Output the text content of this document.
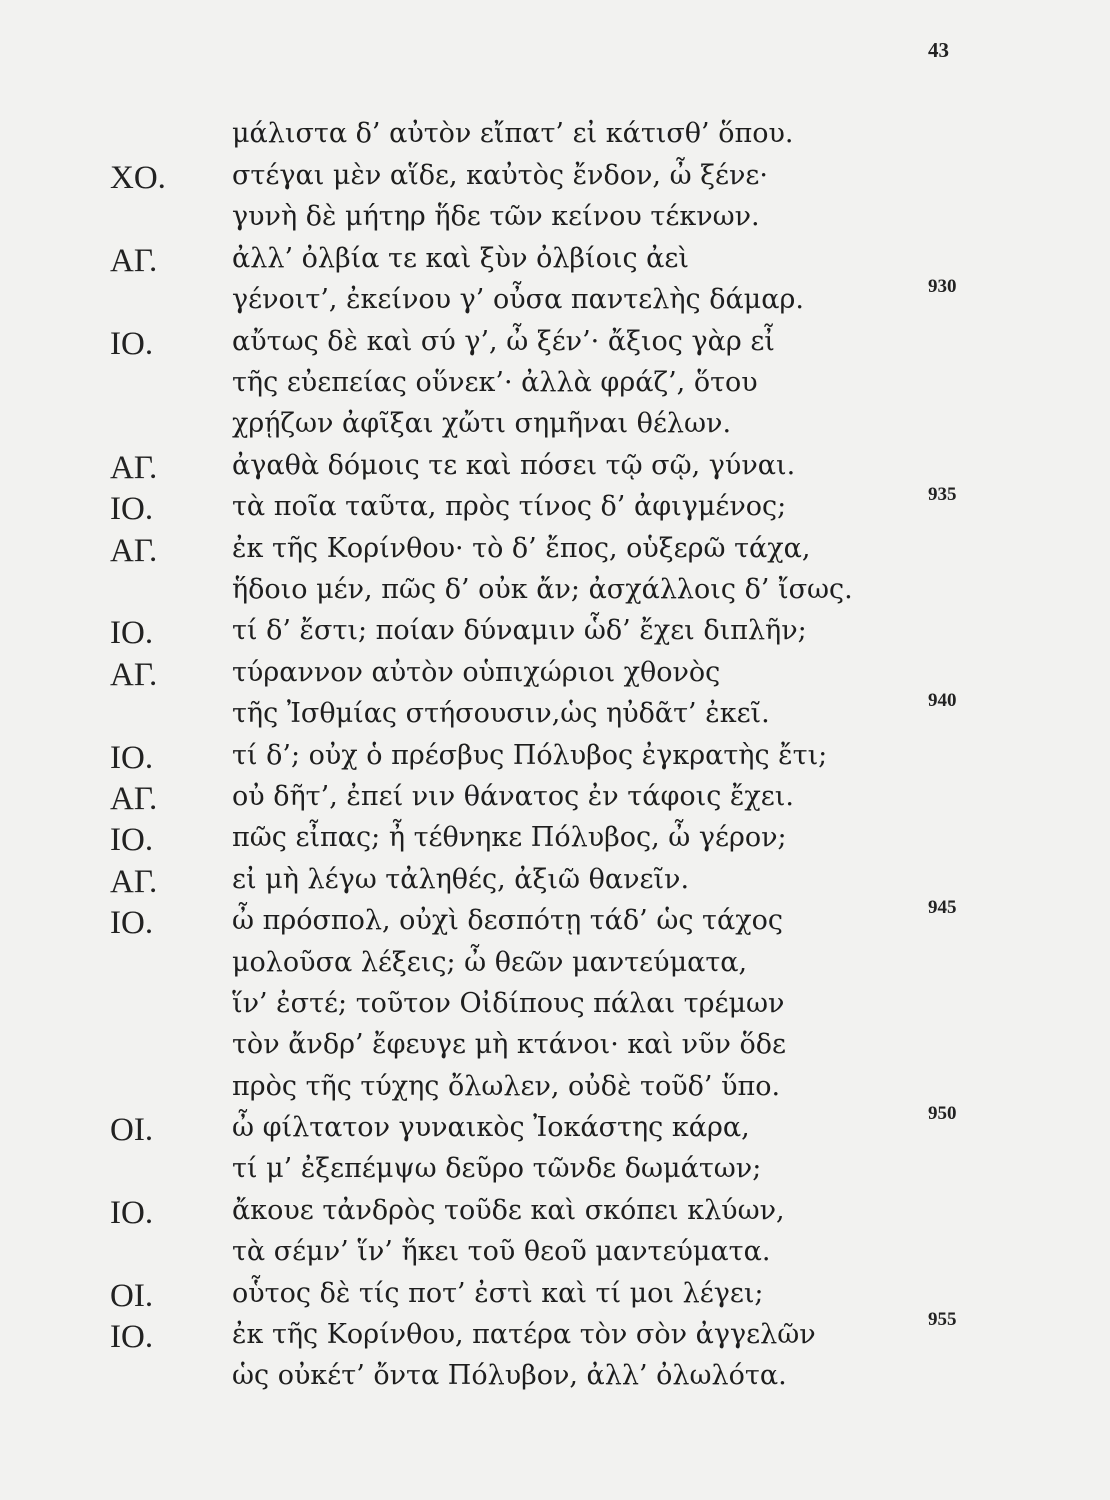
43
930
935
940
945
950
955
μάλιστα δ’ αὐτὸν εἴπατ’ εἰ κάτισθ’ ὅπου.
ΧΟ. στέγαι μὲν αἵδε, καὐτὸς ἔνδον, ὦ ξένε·
γυνὴ δὲ μήτηρ ἥδε τῶν κείνου τέκνων.
ΑΓ.	ἀλλ’ ὀλβία τε καὶ ξὺν ὀλβίοις ἀεὶ
γένοιτ’, ἐκείνου γ’ οὖσα παντελὴς δάμαρ.
ΙΟ.	αὔτως δὲ καὶ σύ γ’, ὦ ξέν’· ἄξιος γὰρ εἶ
τῆς εὐεπείας οὕνεκ’· ἀλλὰ φράζ’, ὅτου
χρῄζων ἀφῖξαι χὤτι σημῆναι θέλων.
ΑΓ.	ἀγαθὰ δόμοις τε καὶ πόσει τῷ σῷ, γύναι.
ΙΟ.	τὰ ποῖα ταῦτα, πρὸς τίνος δ’ ἀφιγμένος;
ΑΓ.	ἐκ τῆς Κορίνθου· τὸ δ’ ἔπος, οὑξερῶ τάχα,
ἥδοιο μέν, πῶς δ’ οὐκ ἄν; ἀσχάλλοις δ’ ἴσως.
ΙΟ.	τί δ’ ἔστι; ποίαν δύναμιν ὧδ’ ἔχει διπλῆν;
ΑΓ.	τύραννον αὐτὸν οὑπιχώριοι χθονὸς
τῆς Ἰσθμίας στήσουσιν,ὡς ηὐδᾶτ’ ἐκεῖ.
ΙΟ.	τί δ’; οὐχ ὁ πρέσβυς Πόλυβος ἐγκρατὴς ἔτι;
ΑΓ.	οὐ δῆτ’, ἐπεί νιν θάνατος ἐν τάφοις ἔχει.
ΙΟ.	πῶς εἶπας; ἦ τέθνηκε Πόλυβος, ὦ γέρον;
ΑΓ.	εἰ μὴ λέγω τἀληθές, ἀξιῶ θανεῖν.
ΙΟ.	ὦ πρόσπολ, οὐχὶ δεσπότῃ τάδ’ ὡς τάχος
μολοῦσα λέξεις; ὦ θεῶν μαντεύματα,
ἵν’ ἐστέ; τοῦτον Οἰδίπους πάλαι τρέμων
τὸν ἄνδρ’ ἔφευγε μὴ κτάνοι· καὶ νῦν ὅδε
πρὸς τῆς τύχης ὄλωλεν, οὐδὲ τοῦδ’ ὕπο.
ΟΙ.	ὦ φίλτατον γυναικὸς Ἰοκάστης κάρα,
τί μ’ ἐξεπέμψω δεῦρο τῶνδε δωμάτων;
ΙΟ.	ἄκουε τἀνδρὸς τοῦδε καὶ σκόπει κλύων,
τὰ σέμν’ ἵν’ ἥκει τοῦ θεοῦ μαντεύματα.
ΟΙ.	οὗτος δὲ τίς ποτ’ ἐστὶ καὶ τί μοι λέγει;
ΙΟ.	ἐκ τῆς Κορίνθου, πατέρα τὸν σὸν ἀγγελῶν
ὡς οὐκέτ’ ὄντα Πόλυβον, ἀλλ’ ὀλωλότα.
